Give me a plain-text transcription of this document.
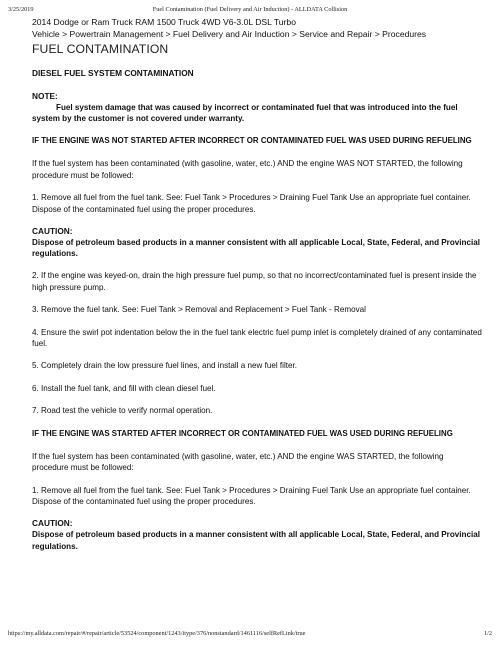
3/25/2019	Fuel Contamination (Fuel Delivery and Air Induction) - ALLDATA Collision
2014 Dodge or Ram Truck RAM 1500 Truck 4WD V6-3.0L DSL Turbo
Vehicle > Powertrain Management > Fuel Delivery and Air Induction > Service and Repair > Procedures
FUEL CONTAMINATION
DIESEL FUEL SYSTEM CONTAMINATION
NOTE:
Fuel system damage that was caused by incorrect or contaminated fuel that was introduced into the fuel system by the customer is not covered under warranty.
IF THE ENGINE WAS NOT STARTED AFTER INCORRECT OR CONTAMINATED FUEL WAS USED DURING REFUELING
If the fuel system has been contaminated (with gasoline, water, etc.) AND the engine WAS NOT STARTED, the following procedure must be followed:
1. Remove all fuel from the fuel tank. See: Fuel Tank > Procedures > Draining Fuel Tank Use an appropriate fuel container. Dispose of the contaminated fuel using the proper procedures.
CAUTION:
Dispose of petroleum based products in a manner consistent with all applicable Local, State, Federal, and Provincial regulations.
2. If the engine was keyed-on, drain the high pressure fuel pump, so that no incorrect/contaminated fuel is present inside the high pressure pump.
3. Remove the fuel tank. See: Fuel Tank > Removal and Replacement > Fuel Tank - Removal
4. Ensure the swirl pot indentation below the in the fuel tank electric fuel pump inlet is completely drained of any contaminated fuel.
5. Completely drain the low pressure fuel lines, and install a new fuel filter.
6. Install the fuel tank, and fill with clean diesel fuel.
7. Road test the vehicle to verify normal operation.
IF THE ENGINE WAS STARTED AFTER INCORRECT OR CONTAMINATED FUEL WAS USED DURING REFUELING
If the fuel system has been contaminated (with gasoline, water, etc.) AND the engine WAS STARTED, the following procedure must be followed:
1. Remove all fuel from the fuel tank. See: Fuel Tank > Procedures > Draining Fuel Tank Use an appropriate fuel container. Dispose of the contaminated fuel using the proper procedures.
CAUTION:
Dispose of petroleum based products in a manner consistent with all applicable Local, State, Federal, and Provincial regulations.
https://my.alldata.com/repair/#/repair/article/53524/component/1243/itype/376/nonstandard/1461116/selfRefLink/true	1/2
